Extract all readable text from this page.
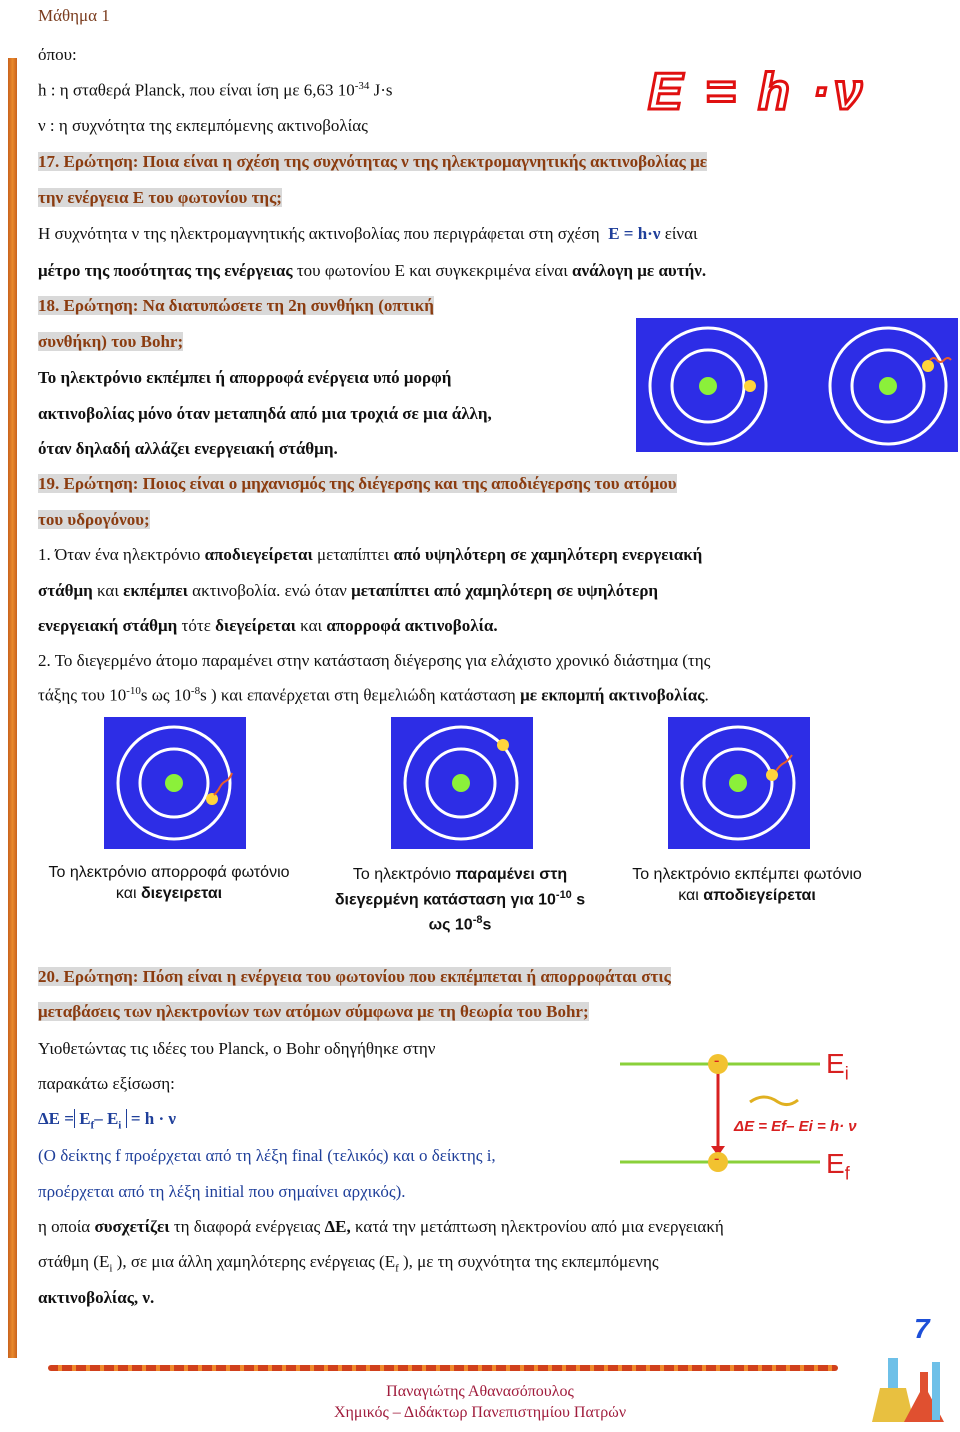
Μάθημα 1
όπου:
h : η σταθερά Planck, που είναι ίση με 6,63 $10^{-34}$ J·s
ν : η συχνότητα της εκπεμπόμενης ακτινοβολίας
E = h ·ν
17. Ερώτηση: Ποια είναι η σχέση της συχνότητας ν της ηλεκτρομαγνητικής ακτινοβολίας με
την ενέργεια Ε του φωτονίου της;
Η συχνότητα ν της ηλεκτρομαγνητικής ακτινοβολίας που περιγράφεται στη σχέση E = h·ν είναι
μέτρο της ποσότητας της ενέργειας του φωτονίου Ε και συγκεκριμένα είναι ανάλογη με αυτήν.
18. Ερώτηση: Να διατυπώσετε τη 2η συνθήκη (οπτική
συνθήκη) του Bohr;
Το ηλεκτρόνιο εκπέμπει ή απορροφά ενέργεια υπό μορφή
ακτινοβολίας μόνο όταν μεταπηδά από μια τροχιά σε μια άλλη,
όταν δηλαδή αλλάζει ενεργειακή στάθμη.
19. Ερώτηση: Ποιος είναι ο μηχανισμός της διέγερσης και της αποδιέγερσης του ατόμου
του υδρογόνου;
1. Όταν ένα ηλεκτρόνιο αποδιεγείρεται μεταπίπτει από υψηλότερη σε χαμηλότερη ενεργειακή
στάθμη και εκπέμπει ακτινοβολία. ενώ όταν μεταπίπτει από χαμηλότερη σε υψηλότερη
ενεργειακή στάθμη τότε διεγείρεται και απορροφά ακτινοβολία.
2. Το διεγερμένο άτομο παραμένει στην κατάσταση διέγερσης για ελάχιστο χρονικό διάστημα (της
τάξης του $10^{-10}s$ ως $10^{-8}s$ ) και επανέρχεται στη θεμελιώδη κατάσταση με εκπομπή ακτινοβολίας.
Το ηλεκτρόνιο απορροφά φωτόνιο
και διεγειρεται
Το ηλεκτρόνιο παραμένει στη
διεγερμένη κατάσταση για $10^{-10}$ s
ως $10^{-8}s$
Το ηλεκτρόνιο εκπέμπει φωτόνιο
και αποδιεγείρεται
20. Ερώτηση: Πόση είναι η ενέργεια του φωτονίου που εκπέμπεται ή απορροφάται στις
μεταβάσεις των ηλεκτρονίων των ατόμων σύμφωνα με τη θεωρία του Bohr;
Υιοθετώντας τις ιδέες του Planck, ο Bohr οδηγήθηκε στην
παρακάτω εξίσωση:
$\Delta E = E_f-$ $E_i = h \cdot \nu$
(Ο δείκτης f προέρχεται από τη λέξη final (τελικός) και ο δείκτης i,
προέρχεται από τη λέξη initial που σημαίνει αρχικός).
η οποία συσχετίζει τη διαφορά ενέργειας ΔΕ, κατά την μετάπτωση ηλεκτρονίου από μια ενεργειακή
στάθμη ($E_i$ ), σε μια άλλη χαμηλότερης ενέργειας ($E_f$ ), με τη συχνότητα της εκπεμπόμενης
ακτινοβολίας, ν.
-
-
$E_i$
$E_f$
ΔE = Ef– Ei = h· ν
7
Παναγιώτης Αθανασόπουλος
Χημικός – Διδάκτωρ Πανεπιστημίου Πατρών
